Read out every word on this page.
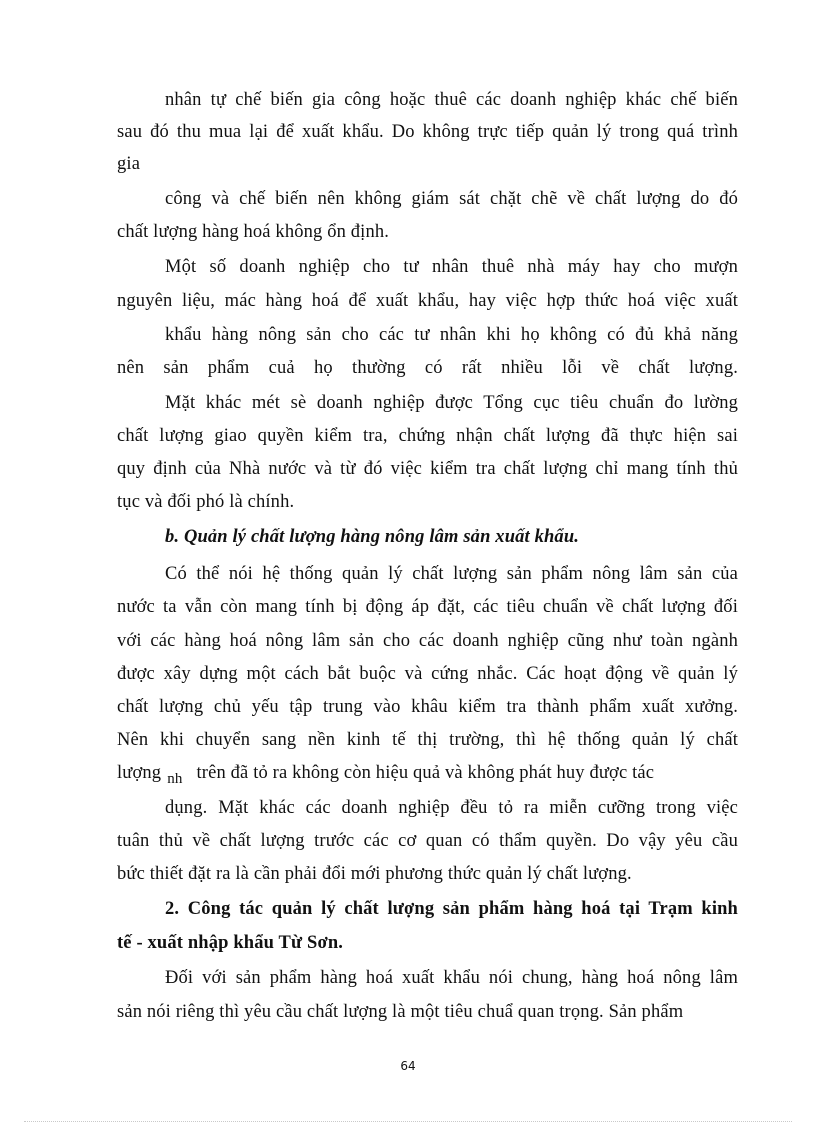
nhân tự chế biến gia công hoặc thuê các doanh nghiệp khác chế biến
sau đó thu mua lại để xuất khẩu. Do không trực tiếp quản lý trong quá trình
gia
công và chế biến nên không giám sát chặt chẽ về chất lượng do đó
chất lượng hàng hoá không ổn định.
Một số doanh nghiệp cho tư nhân thuê nhà máy hay cho mượn
nguyên liệu, mác hàng hoá để xuất khẩu, hay việc hợp thức hoá việc xuất
khẩu hàng nông sản cho các tư nhân khi họ không có đủ khả năng
nên sản phẩm cuả họ thường có rất nhiều lỗi về chất lượng.
Mặt khác mét sè doanh nghiệp được Tổng cục tiêu chuẩn đo lường
chất lượng giao quyền kiểm tra, chứng nhận chất lượng đã thực hiện sai
quy định của Nhà nước và từ đó việc kiểm tra chất lượng chỉ mang tính thủ
tục và đối phó là chính.
b. Quản lý chất lượng hàng nông lâm sản xuất khẩu.
Có thể nói hệ thống quản lý chất lượng sản phẩm nông lâm sản của
nước ta vẫn còn mang tính bị động áp đặt, các tiêu chuẩn về chất lượng đối
với các hàng hoá nông lâm sản cho các doanh nghiệp cũng như toàn ngành
được xây dựng một cách bắt buộc và cứng nhắc. Các hoạt động về quản lý
chất lượng chủ yếu tập trung vào khâu kiểm tra thành phẩm xuất xưởng.
Nên khi chuyển sang nền kinh tế thị trường, thì hệ thống quản lý chất
lượng $_{nh}$ trên đã tỏ ra không còn hiệu quả và không phát huy được tác
dụng. Mặt khác các doanh nghiệp đều tỏ ra miễn cưỡng trong việc
tuân thủ về chất lượng trước các cơ quan có thẩm quyền. Do vậy yêu cầu
bức thiết đặt ra là cần phải đổi mới phương thức quản lý chất lượng.
2. Công tác quản lý chất lượng sản phẩm hàng hoá tại Trạm kinh
tế - xuất nhập khẩu Từ Sơn.
Đối với sản phẩm hàng hoá xuất khẩu nói chung, hàng hoá nông lâm
sản nói riêng thì yêu cầu chất lượng là một tiêu chuẩ quan trọng. Sản phẩm
64
